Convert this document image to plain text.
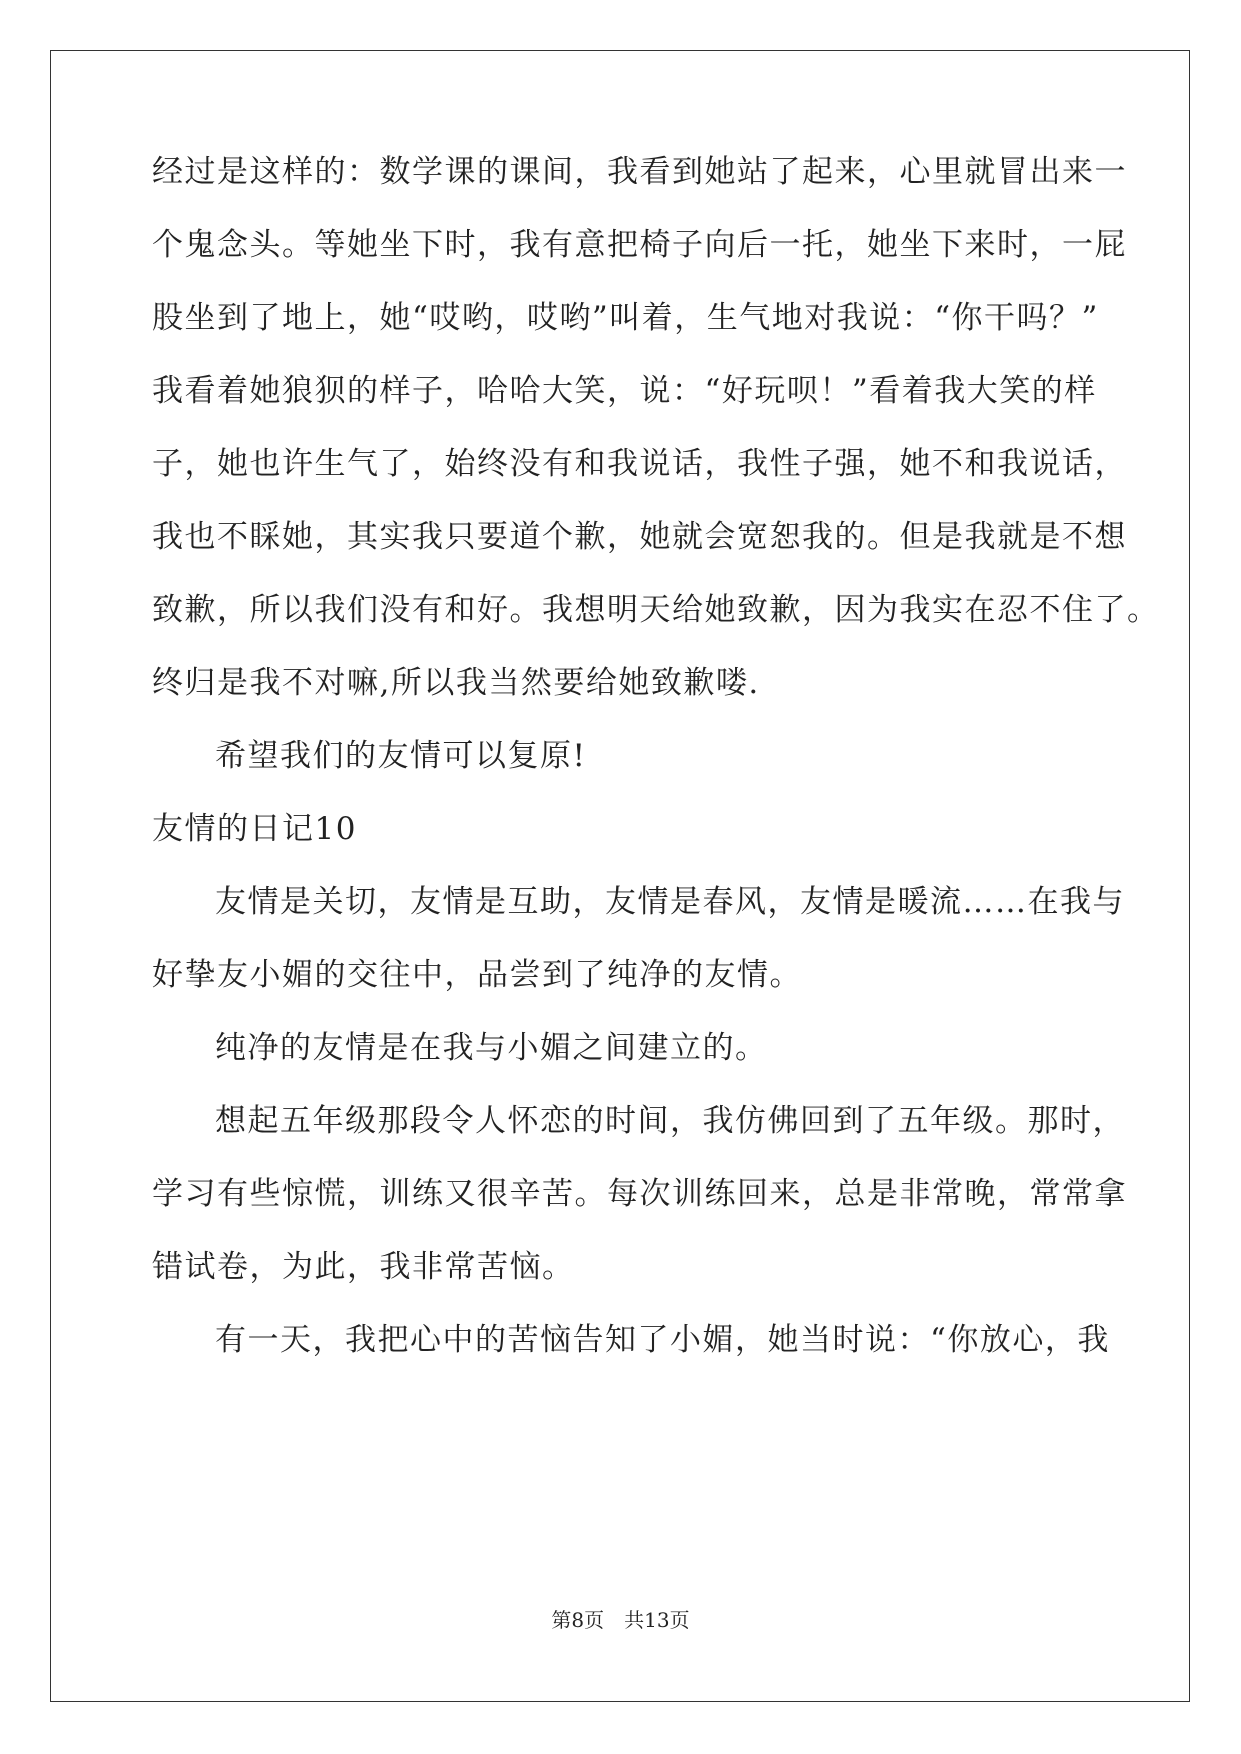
经过是这样的：数学课的课间，我看到她站了起来，心里就冒出来一
个鬼念头。等她坐下时，我有意把椅子向后一托，她坐下来时，一屁
股坐到了地上，她“哎哟，哎哟”叫着，生气地对我说：“你干吗？”
我看着她狼狈的样子，哈哈大笑，说：“好玩呗！”看着我大笑的样
子，她也许生气了，始终没有和我说话，我性子强，她不和我说话，
我也不睬她，其实我只要道个歉，她就会宽恕我的。但是我就是不想
致歉，所以我们没有和好。我想明天给她致歉，因为我实在忍不住了。
终归是我不对嘛,所以我当然要给她致歉喽.
希望我们的友情可以复原!
友情的日记10
友情是关切，友情是互助，友情是春风，友情是暖流……在我与
好挚友小媚的交往中，品尝到了纯净的友情。
纯净的友情是在我与小媚之间建立的。
想起五年级那段令人怀恋的时间，我仿佛回到了五年级。那时，
学习有些惊慌，训练又很辛苦。每次训练回来，总是非常晚，常常拿
错试卷，为此，我非常苦恼。
有一天，我把心中的苦恼告知了小媚，她当时说：“你放心，我
第8页 共13页
